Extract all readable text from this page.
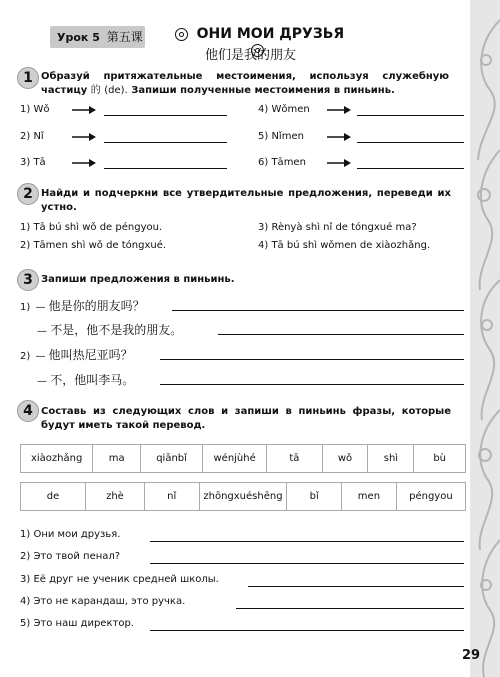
Урок 5 第五课	ОНИ МОИ ДРУЗЬЯ
他们是我的朋友
1 Образуй притяжательные местоимения, используя служебную
частицу 的 (de). Запиши полученные местоимения в пиньинь.
1) Wǒ
2) Nǐ
3) Tā
4) Wǒmen
5) Nǐmen
6) Tāmen
2 Найди и подчеркни все утвердительные предложения, переведи их
устно.
1) Tā bú shì wǒ de péngyou.
2) Tāmen shì wǒ de tóngxué.
3) Rènyà shì nǐ de tóngxué ma?
4) Tā bú shì wǒmen de xiàozhǎng.
3 Запиши предложения в пиньинь.
1) — 他是你的朋友吗？
— 不是，他不是我的朋友。
2) — 他叫热尼亚吗？
— 不，他叫李马。
4 Составь из следующих слов и запиши в пиньинь фразы, которые
будут иметь такой перевод.
xiàozhǎng	ma	qiānbǐ	wénjùhé	tā	wǒ	shì	bù
de	zhè	nǐ	zhōngxuéshēng	bǐ	men	péngyou
1) Они мои друзья.
2) Это твой пенал?
3) Её друг не ученик средней школы.
4) Это не карандаш, это ручка.
5) Это наш директор.
29
